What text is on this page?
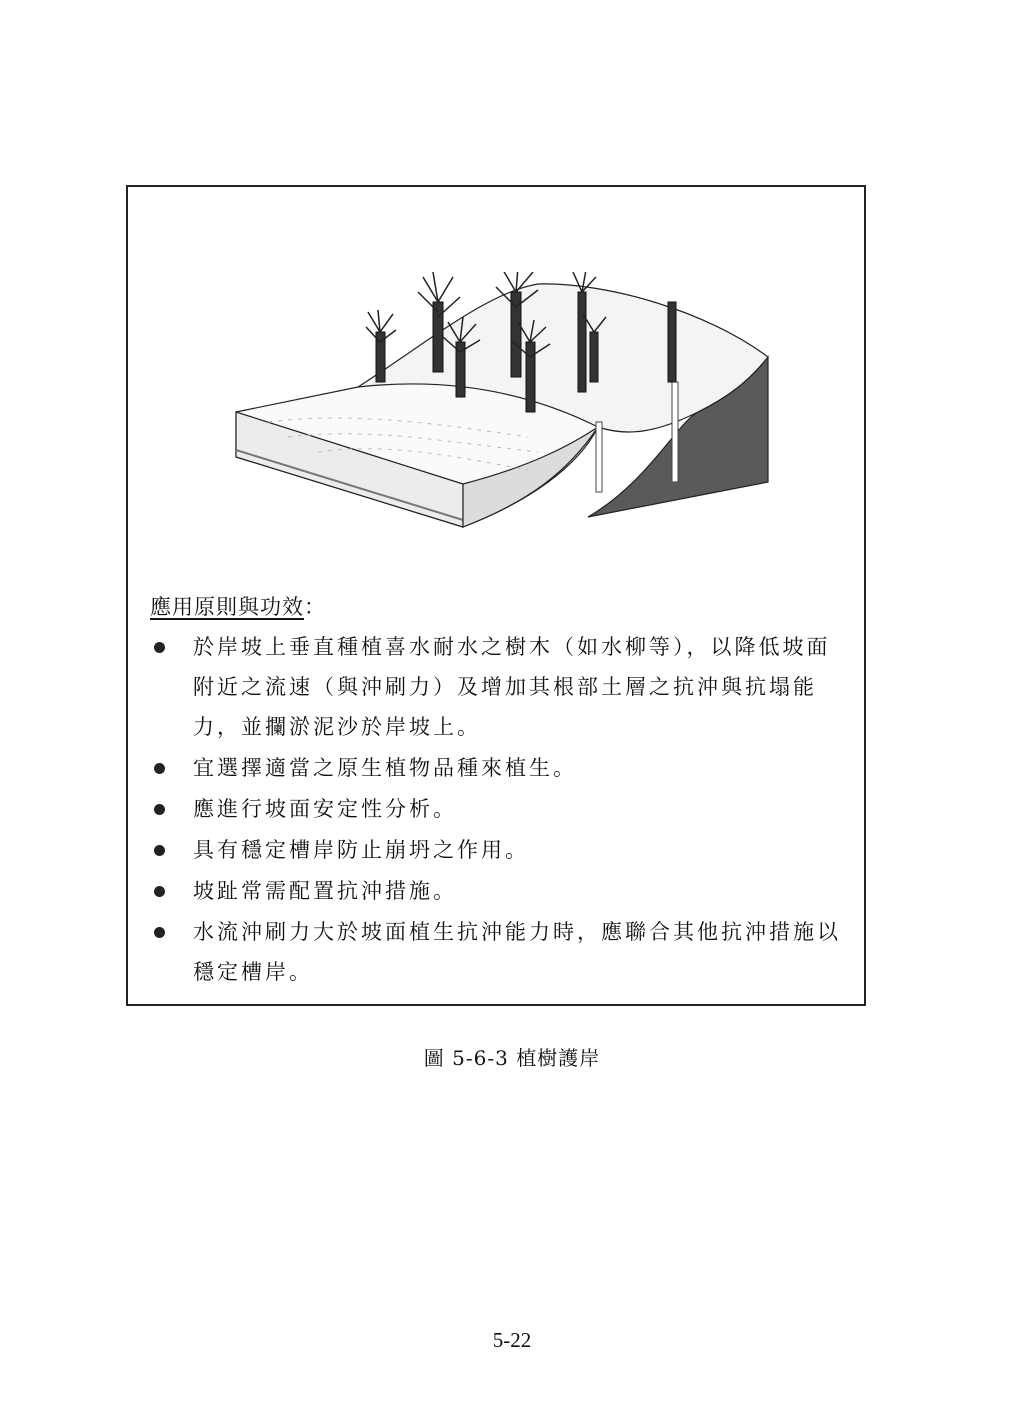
應用原則與功效：
於岸坡上垂直種植喜水耐水之樹木（如水柳等），以降低坡面附近之流速（與沖刷力）及增加其根部土層之抗沖與抗塌能力，並攔淤泥沙於岸坡上。
宜選擇適當之原生植物品種來植生。
應進行坡面安定性分析。
具有穩定槽岸防止崩坍之作用。
坡趾常需配置抗沖措施。
水流沖刷力大於坡面植生抗沖能力時，應聯合其他抗沖措施以穩定槽岸。
圖 5-6-3 植樹護岸
5-22
